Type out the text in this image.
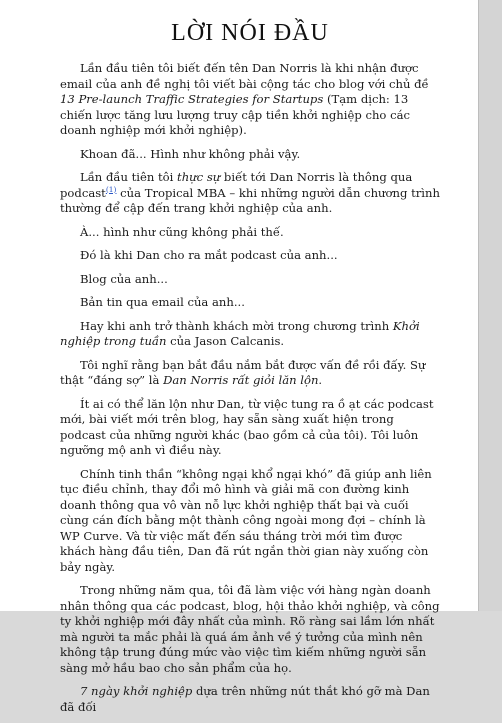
LỜI NÓI ĐẦU

Lần đầu tiên tôi biết đến tên Dan Norris là khi nhận được email của anh đề nghị tôi viết bài cộng tác cho blog với chủ đề 13 Pre-launch Traffic Strategies for Startups (Tạm dịch: 13 chiến lược tăng lưu lượng truy cập tiền khởi nghiệp cho các doanh nghiệp mới khởi nghiệp).

Khoan đã... Hình như không phải vậy.

Lần đầu tiên tôi thực sự biết tới Dan Norris là thông qua podcast$^{(1)}$ của Tropical MBA – khi những người dẫn chương trình thường để cập đến trang khởi nghiệp của anh.

À... hình như cũng không phải thế.

Đó là khi Dan cho ra mắt podcast của anh...

Blog của anh...

Bản tin qua email của anh...

Hay khi anh trở thành khách mời trong chương trình Khởi nghiệp trong tuần của Jason Calcanis.

Tôi nghĩ rằng bạn bắt đầu nắm bắt được vấn đề rồi đấy. Sự thật “đáng sợ” là Dan Norris rất giỏi lăn lộn.

Ít ai có thể lăn lộn như Dan, từ việc tung ra ồ ạt các podcast mới, bài viết mới trên blog, hay sẵn sàng xuất hiện trong podcast của những người khác (bao gồm cả của tôi). Tôi luôn ngưỡng mộ anh vì điều này.

Chính tinh thần “không ngại khổ ngại khó” đã giúp anh liên tục điều chỉnh, thay đổi mô hình và giải mã con đường kinh doanh thông qua vô vàn nỗ lực khởi nghiệp thất bại và cuối cùng cán đích bằng một thành công ngoài mong đợi – chính là WP Curve. Và từ việc mất đến sáu tháng trời mới tìm được khách hàng đầu tiên, Dan đã rút ngắn thời gian này xuống còn bảy ngày.

Trong những năm qua, tôi đã làm việc với hàng ngàn doanh nhân thông qua các podcast, blog, hội thảo khởi nghiệp, và công ty khởi nghiệp mới đây nhất của mình. Rõ ràng sai lầm lớn nhất mà người ta mắc phải là quá ám ảnh về ý tưởng của mình nên không tập trung đúng mức vào việc tìm kiếm những người sẵn sàng mở hầu bao cho sản phẩm của họ.

7 ngày khởi nghiệp dựa trên những nút thắt khó gỡ mà Dan đã đối
